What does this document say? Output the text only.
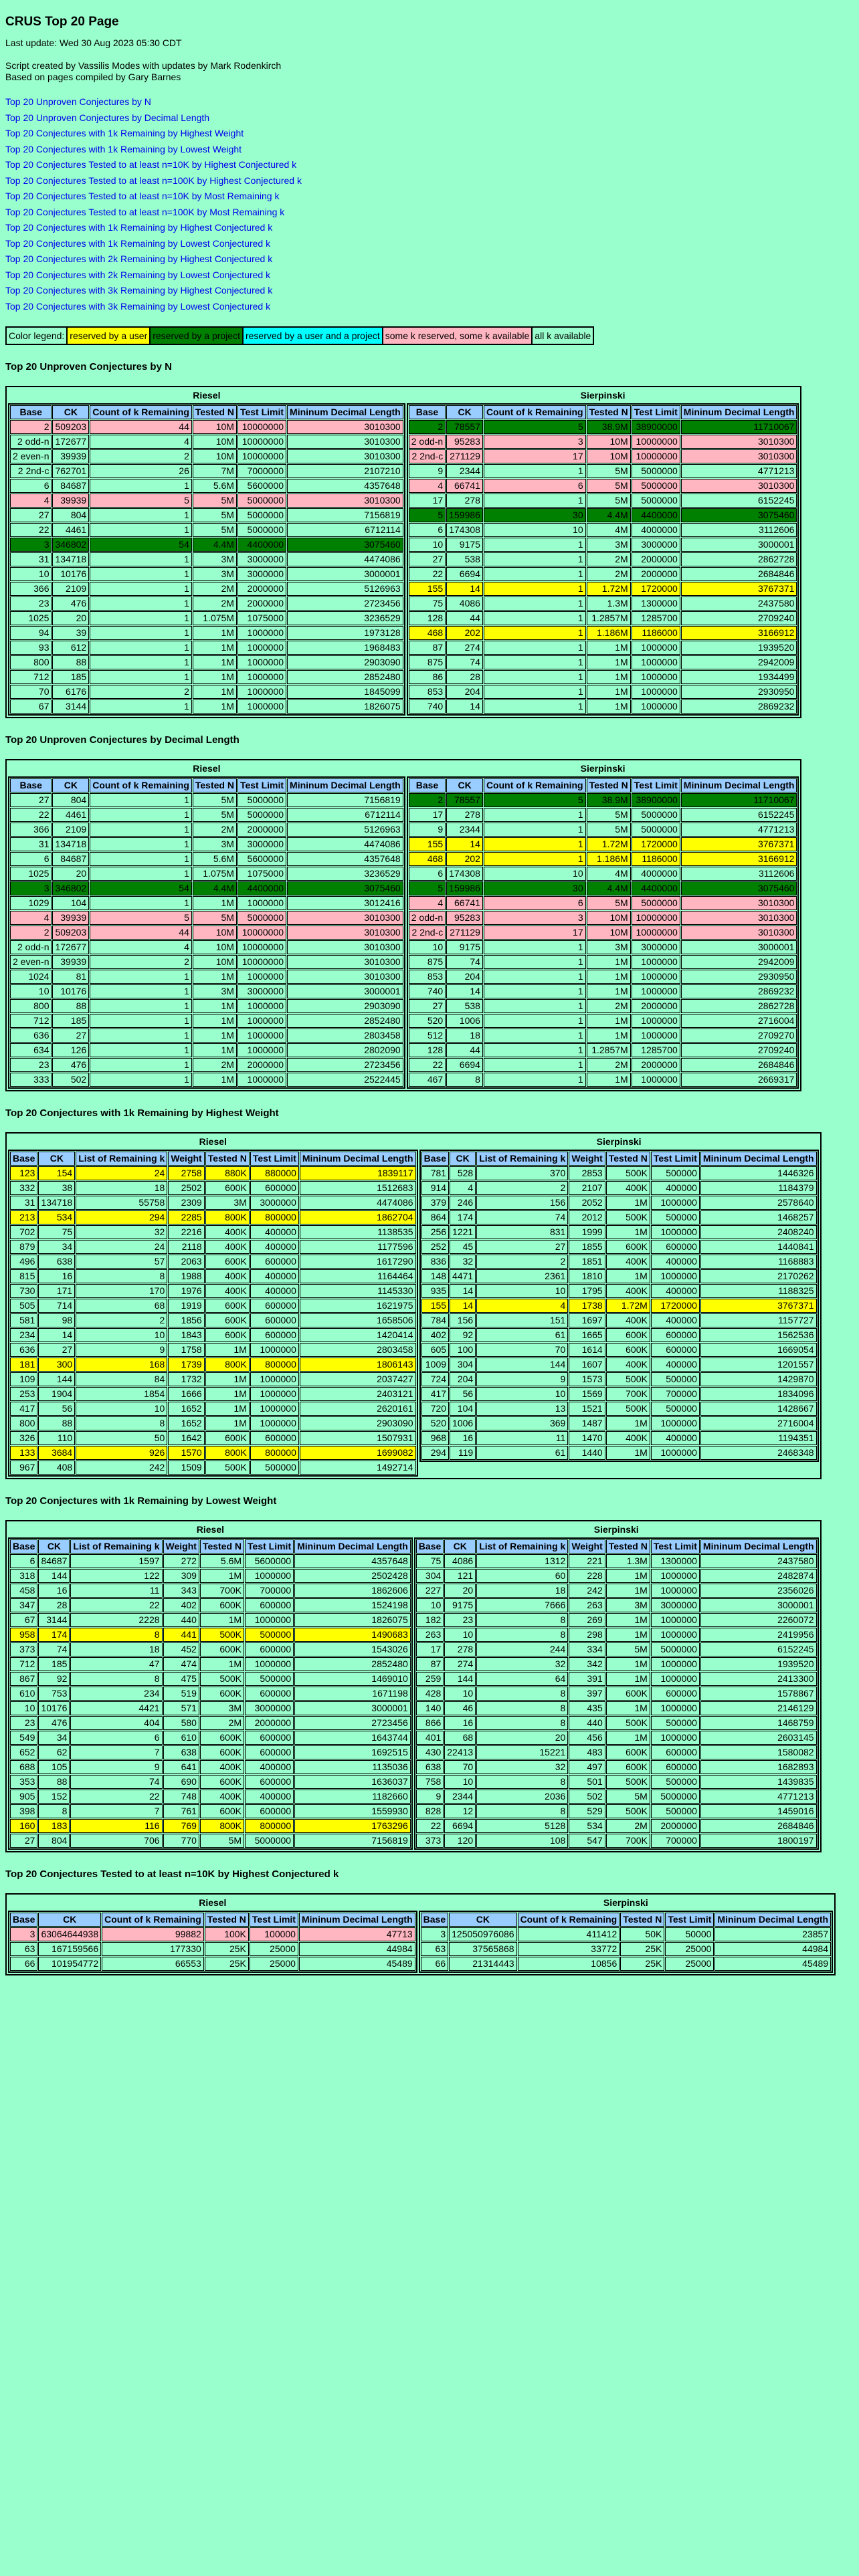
CRUS Top 20 Page

Last update: Wed 30 Aug 2023 05:30 CDT

Script created by Vassilis Modes with updates by Mark Rodenkirch

Based on pages compiled by Gary Barnes

Top 20 Unproven Conjectures by N
Top 20 Unproven Conjectures by Decimal Length
Top 20 Conjectures with 1k Remaining by Highest Weight
Top 20 Conjectures with 1k Remaining by Lowest Weight
Top 20 Conjectures Tested to at least n=10K by Highest Conjectured k
Top 20 Conjectures Tested to at least n=100K by Highest Conjectured k
Top 20 Conjectures Tested to at least n=10K by Most Remaining k
Top 20 Conjectures Tested to at least n=100K by Most Remaining k
Top 20 Conjectures with 1k Remaining by Highest Conjectured k
Top 20 Conjectures with 1k Remaining by Lowest Conjectured k
Top 20 Conjectures with 2k Remaining by Highest Conjectured k
Top 20 Conjectures with 2k Remaining by Lowest Conjectured k
Top 20 Conjectures with 3k Remaining by Highest Conjectured k
Top 20 Conjectures with 3k Remaining by Lowest Conjectured k
Color legend:	reserved by a user	reserved by a project	reserved by a user and a project	some k reserved, some k available	all k available
Top 20 Unproven Conjectures by N
Riesel	Sierpinski

Base	CK	Count of k Remaining	Tested N	Test Limit	Mininum Decimal Length
2	509203	44	10M	10000000	3010300
2 odd-n	172677	4	10M	10000000	3010300
2 even-n	39939	2	10M	10000000	3010300
2 2nd-c	762701	26	7M	7000000	2107210
6	84687	1	5.6M	5600000	4357648
4	39939	5	5M	5000000	3010300
27	804	1	5M	5000000	7156819
22	4461	1	5M	5000000	6712114
3	346802	54	4.4M	4400000	3075460
31	134718	1	3M	3000000	4474086
10	10176	1	3M	3000000	3000001
366	2109	1	2M	2000000	5126963
23	476	1	2M	2000000	2723456
1025	20	1	1.075M	1075000	3236529
94	39	1	1M	1000000	1973128
93	612	1	1M	1000000	1968483
800	88	1	1M	1000000	2903090
712	185	1	1M	1000000	2852480
70	6176	2	1M	1000000	1845099
67	3144	1	1M	1000000	1826075

Base	CK	Count of k Remaining	Tested N	Test Limit	Mininum Decimal Length
2	78557	5	38.9M	38900000	11710067
2 odd-n	95283	3	10M	10000000	3010300
2 2nd-c	271129	17	10M	10000000	3010300
9	2344	1	5M	5000000	4771213
4	66741	6	5M	5000000	3010300
17	278	1	5M	5000000	6152245
5	159986	30	4.4M	4400000	3075460
6	174308	10	4M	4000000	3112606
10	9175	1	3M	3000000	3000001
27	538	1	2M	2000000	2862728
22	6694	1	2M	2000000	2684846
155	14	1	1.72M	1720000	3767371
75	4086	1	1.3M	1300000	2437580
128	44	1	1.2857M	1285700	2709240
468	202	1	1.186M	1186000	3166912
87	274	1	1M	1000000	1939520
875	74	1	1M	1000000	2942009
86	28	1	1M	1000000	1934499
853	204	1	1M	1000000	2930950
740	14	1	1M	1000000	2869232
Top 20 Unproven Conjectures by Decimal Length
Riesel	Sierpinski

Base	CK	Count of k Remaining	Tested N	Test Limit	Mininum Decimal Length
27	804	1	5M	5000000	7156819
22	4461	1	5M	5000000	6712114
366	2109	1	2M	2000000	5126963
31	134718	1	3M	3000000	4474086
6	84687	1	5.6M	5600000	4357648
1025	20	1	1.075M	1075000	3236529
3	346802	54	4.4M	4400000	3075460
1029	104	1	1M	1000000	3012416
4	39939	5	5M	5000000	3010300
2	509203	44	10M	10000000	3010300
2 odd-n	172677	4	10M	10000000	3010300
2 even-n	39939	2	10M	10000000	3010300
1024	81	1	1M	1000000	3010300
10	10176	1	3M	3000000	3000001
800	88	1	1M	1000000	2903090
712	185	1	1M	1000000	2852480
636	27	1	1M	1000000	2803458
634	126	1	1M	1000000	2802090
23	476	1	2M	2000000	2723456
333	502	1	1M	1000000	2522445

Base	CK	Count of k Remaining	Tested N	Test Limit	Mininum Decimal Length
2	78557	5	38.9M	38900000	11710067
17	278	1	5M	5000000	6152245
9	2344	1	5M	5000000	4771213
155	14	1	1.72M	1720000	3767371
468	202	1	1.186M	1186000	3166912
6	174308	10	4M	4000000	3112606
5	159986	30	4.4M	4400000	3075460
4	66741	6	5M	5000000	3010300
2 odd-n	95283	3	10M	10000000	3010300
2 2nd-c	271129	17	10M	10000000	3010300
10	9175	1	3M	3000000	3000001
875	74	1	1M	1000000	2942009
853	204	1	1M	1000000	2930950
740	14	1	1M	1000000	2869232
27	538	1	2M	2000000	2862728
520	1006	1	1M	1000000	2716004
512	18	1	1M	1000000	2709270
128	44	1	1.2857M	1285700	2709240
22	6694	1	2M	2000000	2684846
467	8	1	1M	1000000	2669317
Top 20 Conjectures with 1k Remaining by Highest Weight
Riesel	Sierpinski

Base	CK	List of Remaining k	Weight	Tested N	Test Limit	Mininum Decimal Length
123	154	24	2758	880K	880000	1839117
332	38	18	2502	600K	600000	1512683
31	134718	55758	2309	3M	3000000	4474086
213	534	294	2285	800K	800000	1862704
702	75	32	2216	400K	400000	1138535
879	34	24	2118	400K	400000	1177596
496	638	57	2063	600K	600000	1617290
815	16	8	1988	400K	400000	1164464
730	171	170	1976	400K	400000	1145330
505	714	68	1919	600K	600000	1621975
581	98	2	1856	600K	600000	1658506
234	14	10	1843	600K	600000	1420414
636	27	9	1758	1M	1000000	2803458
181	300	168	1739	800K	800000	1806143
109	144	84	1732	1M	1000000	2037427
253	1904	1854	1666	1M	1000000	2403121
417	56	10	1652	1M	1000000	2620161
800	88	8	1652	1M	1000000	2903090
326	110	50	1642	600K	600000	1507931
133	3684	926	1570	800K	800000	1699082
967	408	242	1509	500K	500000	1492714

Base	CK	List of Remaining k	Weight	Tested N	Test Limit	Mininum Decimal Length
781	528	370	2853	500K	500000	1446326
914	4	2	2107	400K	400000	1184379
379	246	156	2052	1M	1000000	2578640
864	174	74	2012	500K	500000	1468257
256	1221	831	1999	1M	1000000	2408240
252	45	27	1855	600K	600000	1440841
836	32	2	1851	400K	400000	1168883
148	4471	2361	1810	1M	1000000	2170262
935	14	10	1795	400K	400000	1188325
155	14	4	1738	1.72M	1720000	3767371
784	156	151	1697	400K	400000	1157727
402	92	61	1665	600K	600000	1562536
605	100	70	1614	600K	600000	1669054
1009	304	144	1607	400K	400000	1201557
724	204	9	1573	500K	500000	1429870
417	56	10	1569	700K	700000	1834096
720	104	13	1521	500K	500000	1428667
520	1006	369	1487	1M	1000000	2716004
968	16	11	1470	400K	400000	1194351
294	119	61	1440	1M	1000000	2468348
Top 20 Conjectures with 1k Remaining by Lowest Weight
Riesel	Sierpinski

Base	CK	List of Remaining k	Weight	Tested N	Test Limit	Mininum Decimal Length
6	84687	1597	272	5.6M	5600000	4357648
318	144	122	309	1M	1000000	2502428
458	16	11	343	700K	700000	1862606
347	28	22	402	600K	600000	1524198
67	3144	2228	440	1M	1000000	1826075
958	174	8	441	500K	500000	1490683
373	74	18	452	600K	600000	1543026
712	185	47	474	1M	1000000	2852480
867	92	8	475	500K	500000	1469010
610	753	234	519	600K	600000	1671198
10	10176	4421	571	3M	3000000	3000001
23	476	404	580	2M	2000000	2723456
549	34	6	610	600K	600000	1643744
652	62	7	638	600K	600000	1692515
688	105	9	641	400K	400000	1135036
353	88	74	690	600K	600000	1636037
905	152	22	748	400K	400000	1182660
398	8	7	761	600K	600000	1559930
160	183	116	769	800K	800000	1763296
27	804	706	770	5M	5000000	7156819

Base	CK	List of Remaining k	Weight	Tested N	Test Limit	Mininum Decimal Length
75	4086	1312	221	1.3M	1300000	2437580
304	121	60	228	1M	1000000	2482874
227	20	18	242	1M	1000000	2356026
10	9175	7666	263	3M	3000000	3000001
182	23	8	269	1M	1000000	2260072
263	10	8	298	1M	1000000	2419956
17	278	244	334	5M	5000000	6152245
87	274	32	342	1M	1000000	1939520
259	144	64	391	1M	1000000	2413300
428	10	8	397	600K	600000	1578867
140	46	8	435	1M	1000000	2146129
866	16	8	440	500K	500000	1468759
401	68	20	456	1M	1000000	2603145
430	22413	15221	483	600K	600000	1580082
638	70	32	497	600K	600000	1682893
758	10	8	501	500K	500000	1439835
9	2344	2036	502	5M	5000000	4771213
828	12	8	529	500K	500000	1459016
22	6694	5128	534	2M	2000000	2684846
373	120	108	547	700K	700000	1800197
Top 20 Conjectures Tested to at least n=10K by Highest Conjectured k
Riesel	Sierpinski

Base	CK	Count of k Remaining	Tested N	Test Limit	Mininum Decimal Length
3	63064644938	99882	100K	100000	47713
63	167159566	177330	25K	25000	44984
66	101954772	66553	25K	25000	45489

Base	CK	Count of k Remaining	Tested N	Test Limit	Mininum Decimal Length
3	125050976086	411412	50K	50000	23857
63	37565868	33772	25K	25000	44984
66	21314443	10856	25K	25000	45489
